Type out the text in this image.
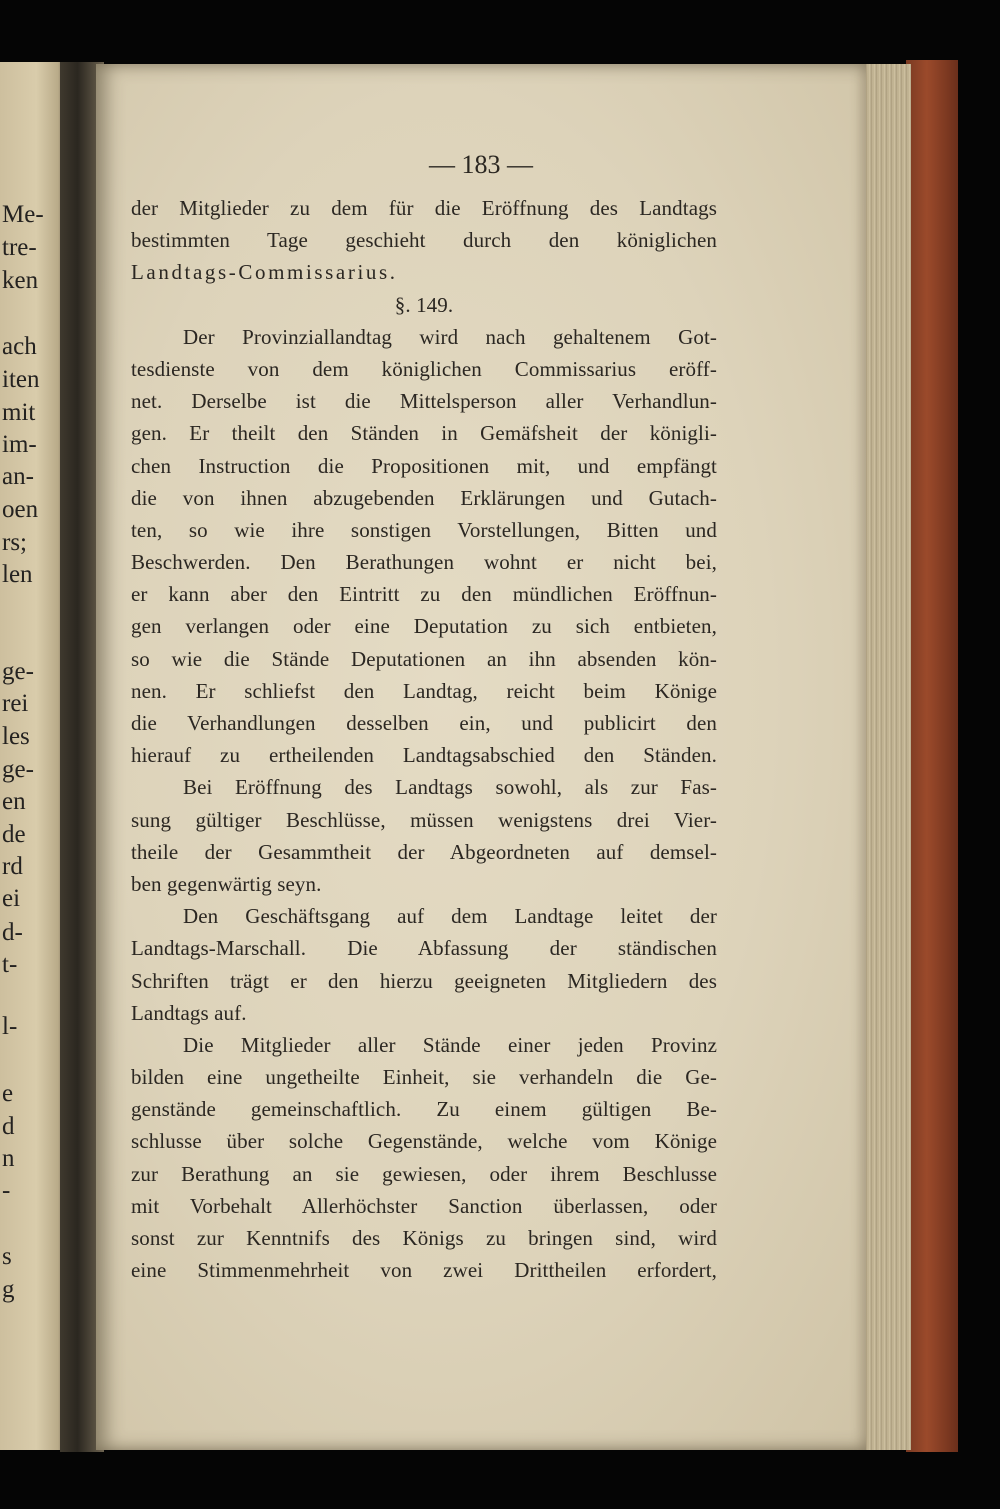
Me-
tre-
ken
ach
iten
mit
im-
an-
oen
rs;
len
ge-
rei
les
ge-
en
de
rd
ei
d-
t-
l-
e
d
n
-
s
g
— 183 —
der Mitglieder zu dem für die Eröffnung des Landtags
bestimmten Tage geschieht durch den königlichen
Landtags-Commissarius.
§. 149.
Der Provinziallandtag wird nach gehaltenem Got-
tesdienste von dem königlichen Commissarius eröff-
net. Derselbe ist die Mittelsperson aller Verhandlun-
gen. Er theilt den Ständen in Gemäfsheit der königli-
chen Instruction die Propositionen mit, und empfängt
die von ihnen abzugebenden Erklärungen und Gutach-
ten, so wie ihre sonstigen Vorstellungen, Bitten und
Beschwerden. Den Berathungen wohnt er nicht bei,
er kann aber den Eintritt zu den mündlichen Eröffnun-
gen verlangen oder eine Deputation zu sich entbieten,
so wie die Stände Deputationen an ihn absenden kön-
nen. Er schliefst den Landtag, reicht beim Könige
die Verhandlungen desselben ein, und publicirt den
hierauf zu ertheilenden Landtagsabschied den Ständen.
Bei Eröffnung des Landtags sowohl, als zur Fas-
sung gültiger Beschlüsse, müssen wenigstens drei Vier-
theile der Gesammtheit der Abgeordneten auf demsel-
ben gegenwärtig seyn.
Den Geschäftsgang auf dem Landtage leitet der
Landtags-Marschall. Die Abfassung der ständischen
Schriften trägt er den hierzu geeigneten Mitgliedern des
Landtags auf.
Die Mitglieder aller Stände einer jeden Provinz
bilden eine ungetheilte Einheit, sie verhandeln die Ge-
genstände gemeinschaftlich. Zu einem gültigen Be-
schlusse über solche Gegenstände, welche vom Könige
zur Berathung an sie gewiesen, oder ihrem Beschlusse
mit Vorbehalt Allerhöchster Sanction überlassen, oder
sonst zur Kenntnifs des Königs zu bringen sind, wird
eine Stimmenmehrheit von zwei Drittheilen erfordert,
